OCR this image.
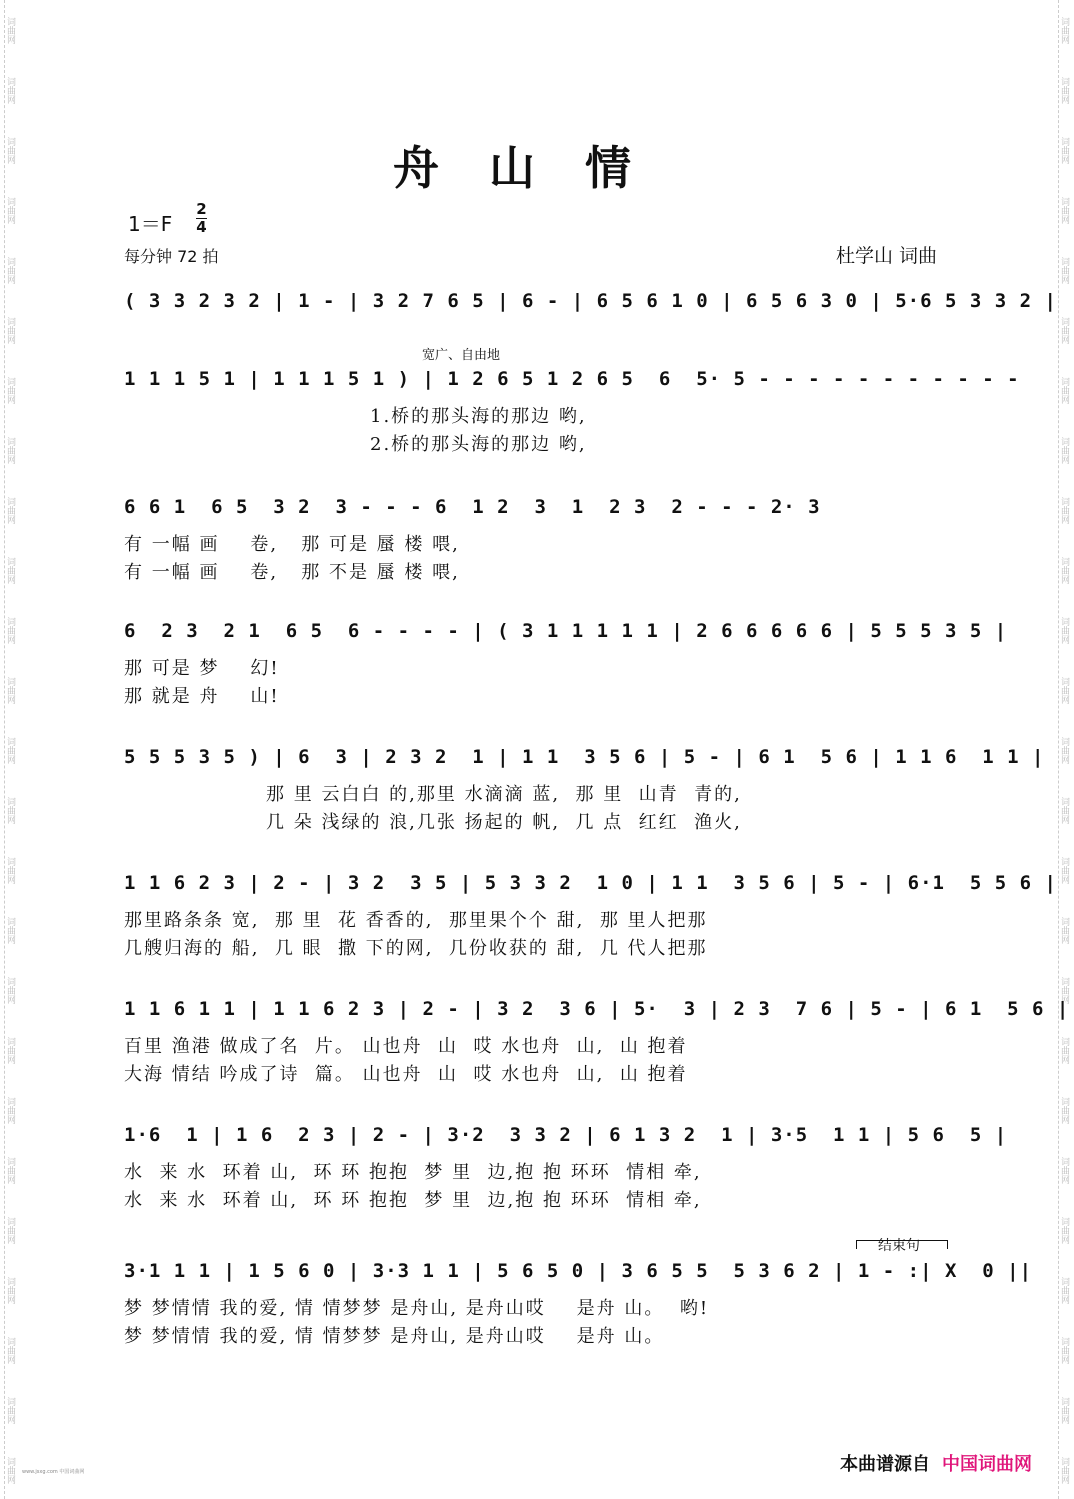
词曲网
词曲网
词曲网
词曲网
词曲网
词曲网
词曲网
词曲网
词曲网
词曲网
词曲网
词曲网
词曲网
词曲网
词曲网
词曲网
词曲网
词曲网
词曲网
词曲网
词曲网
词曲网
词曲网
词曲网
词曲网
词曲网
词曲网
词曲网
词曲网
词曲网
词曲网
词曲网
词曲网
词曲网
词曲网
词曲网
词曲网
词曲网
词曲网
词曲网
词曲网
词曲网
词曲网
词曲网
词曲网
词曲网
词曲网
词曲网
词曲网
词曲网
舟山情
1＝F
2
4
每分钟 72 拍	杜学山 词曲
宽广、自由地
( 3 3 2 3 2 | 1 - | 3 2 7 6 5 | 6 - | 6 5 6 1 0 | 6 5 6 3 0 | 5·6 5 3 3 2 |
1 1 1 5 1 | 1 1 1 5 1 ) | 1 2 6 5 1 2 6 5  6  5· 5 - - - - - - - - - - -
1.桥的那头海的那边 哟,
2.桥的那头海的那边 哟,
6 6 1  6 5  3 2  3 - - - 6  1 2  3  1  2 3  2 - - - 2· 3
有 一幅 画    卷,   那 可是 蜃 楼 喂,
有 一幅 画    卷,   那 不是 蜃 楼 喂,
6  2 3  2 1  6 5  6 - - - - | ( 3 1 1 1 1 1 | 2 6 6 6 6 6 | 5 5 5 3 5 |
那 可是 梦    幻!
那 就是 舟    山!
5 5 5 3 5 ) | 6  3 | 2 3 2  1 | 1 1  3 5 6 | 5 - | 6 1  5 6 | 1 1 6  1 1 |
那 里 云白白 的,那里 水滴滴 蓝,  那 里  山青  青的,
几 朵 浅绿的 浪,几张 扬起的 帆,  几 点  红红  渔火,
1 1 6 2 3 | 2 - | 3 2  3 5 | 5 3 3 2  1 0 | 1 1  3 5 6 | 5 - | 6·1  5 5 6 |
那里路条条 宽,  那 里  花 香香的,  那里果个个 甜,  那 里人把那
几艘归海的 船,  几 眼  撒 下的网,  几份收获的 甜,  几 代人把那
1 1 6 1 1 | 1 1 6 2 3 | 2 - | 3 2  3 6 | 5·  3 | 2 3  7 6 | 5 - | 6 1  5 6 |
百里 渔港 做成了名  片。 山也舟  山  哎 水也舟  山,  山 抱着
大海 情结 吟成了诗  篇。 山也舟  山  哎 水也舟  山,  山 抱着
1·6  1 | 1 6  2 3 | 2 - | 3·2  3 3 2 | 6 1 3 2  1 | 3·5  1 1 | 5 6  5 |
水  来 水  环着 山,  环 环 抱抱  梦 里  边,抱 抱 环环  情相 牵,
水  来 水  环着 山,  环 环 抱抱  梦 里  边,抱 抱 环环  情相 牵,
3·1 1 1 | 1 5 6 0 | 3·3 1 1 | 5 6 5 0 | 3 6 5 5  5 3 6 2 | 1 - :| X  0 ||
梦 梦情情 我的爱, 情 情梦梦 是舟山, 是舟山哎    是舟 山。  哟!
梦 梦情情 我的爱, 情 情梦梦 是舟山, 是舟山哎    是舟 山。
结束句
本曲谱源自 中国词曲网
www.jsxg.com 中国词曲网
